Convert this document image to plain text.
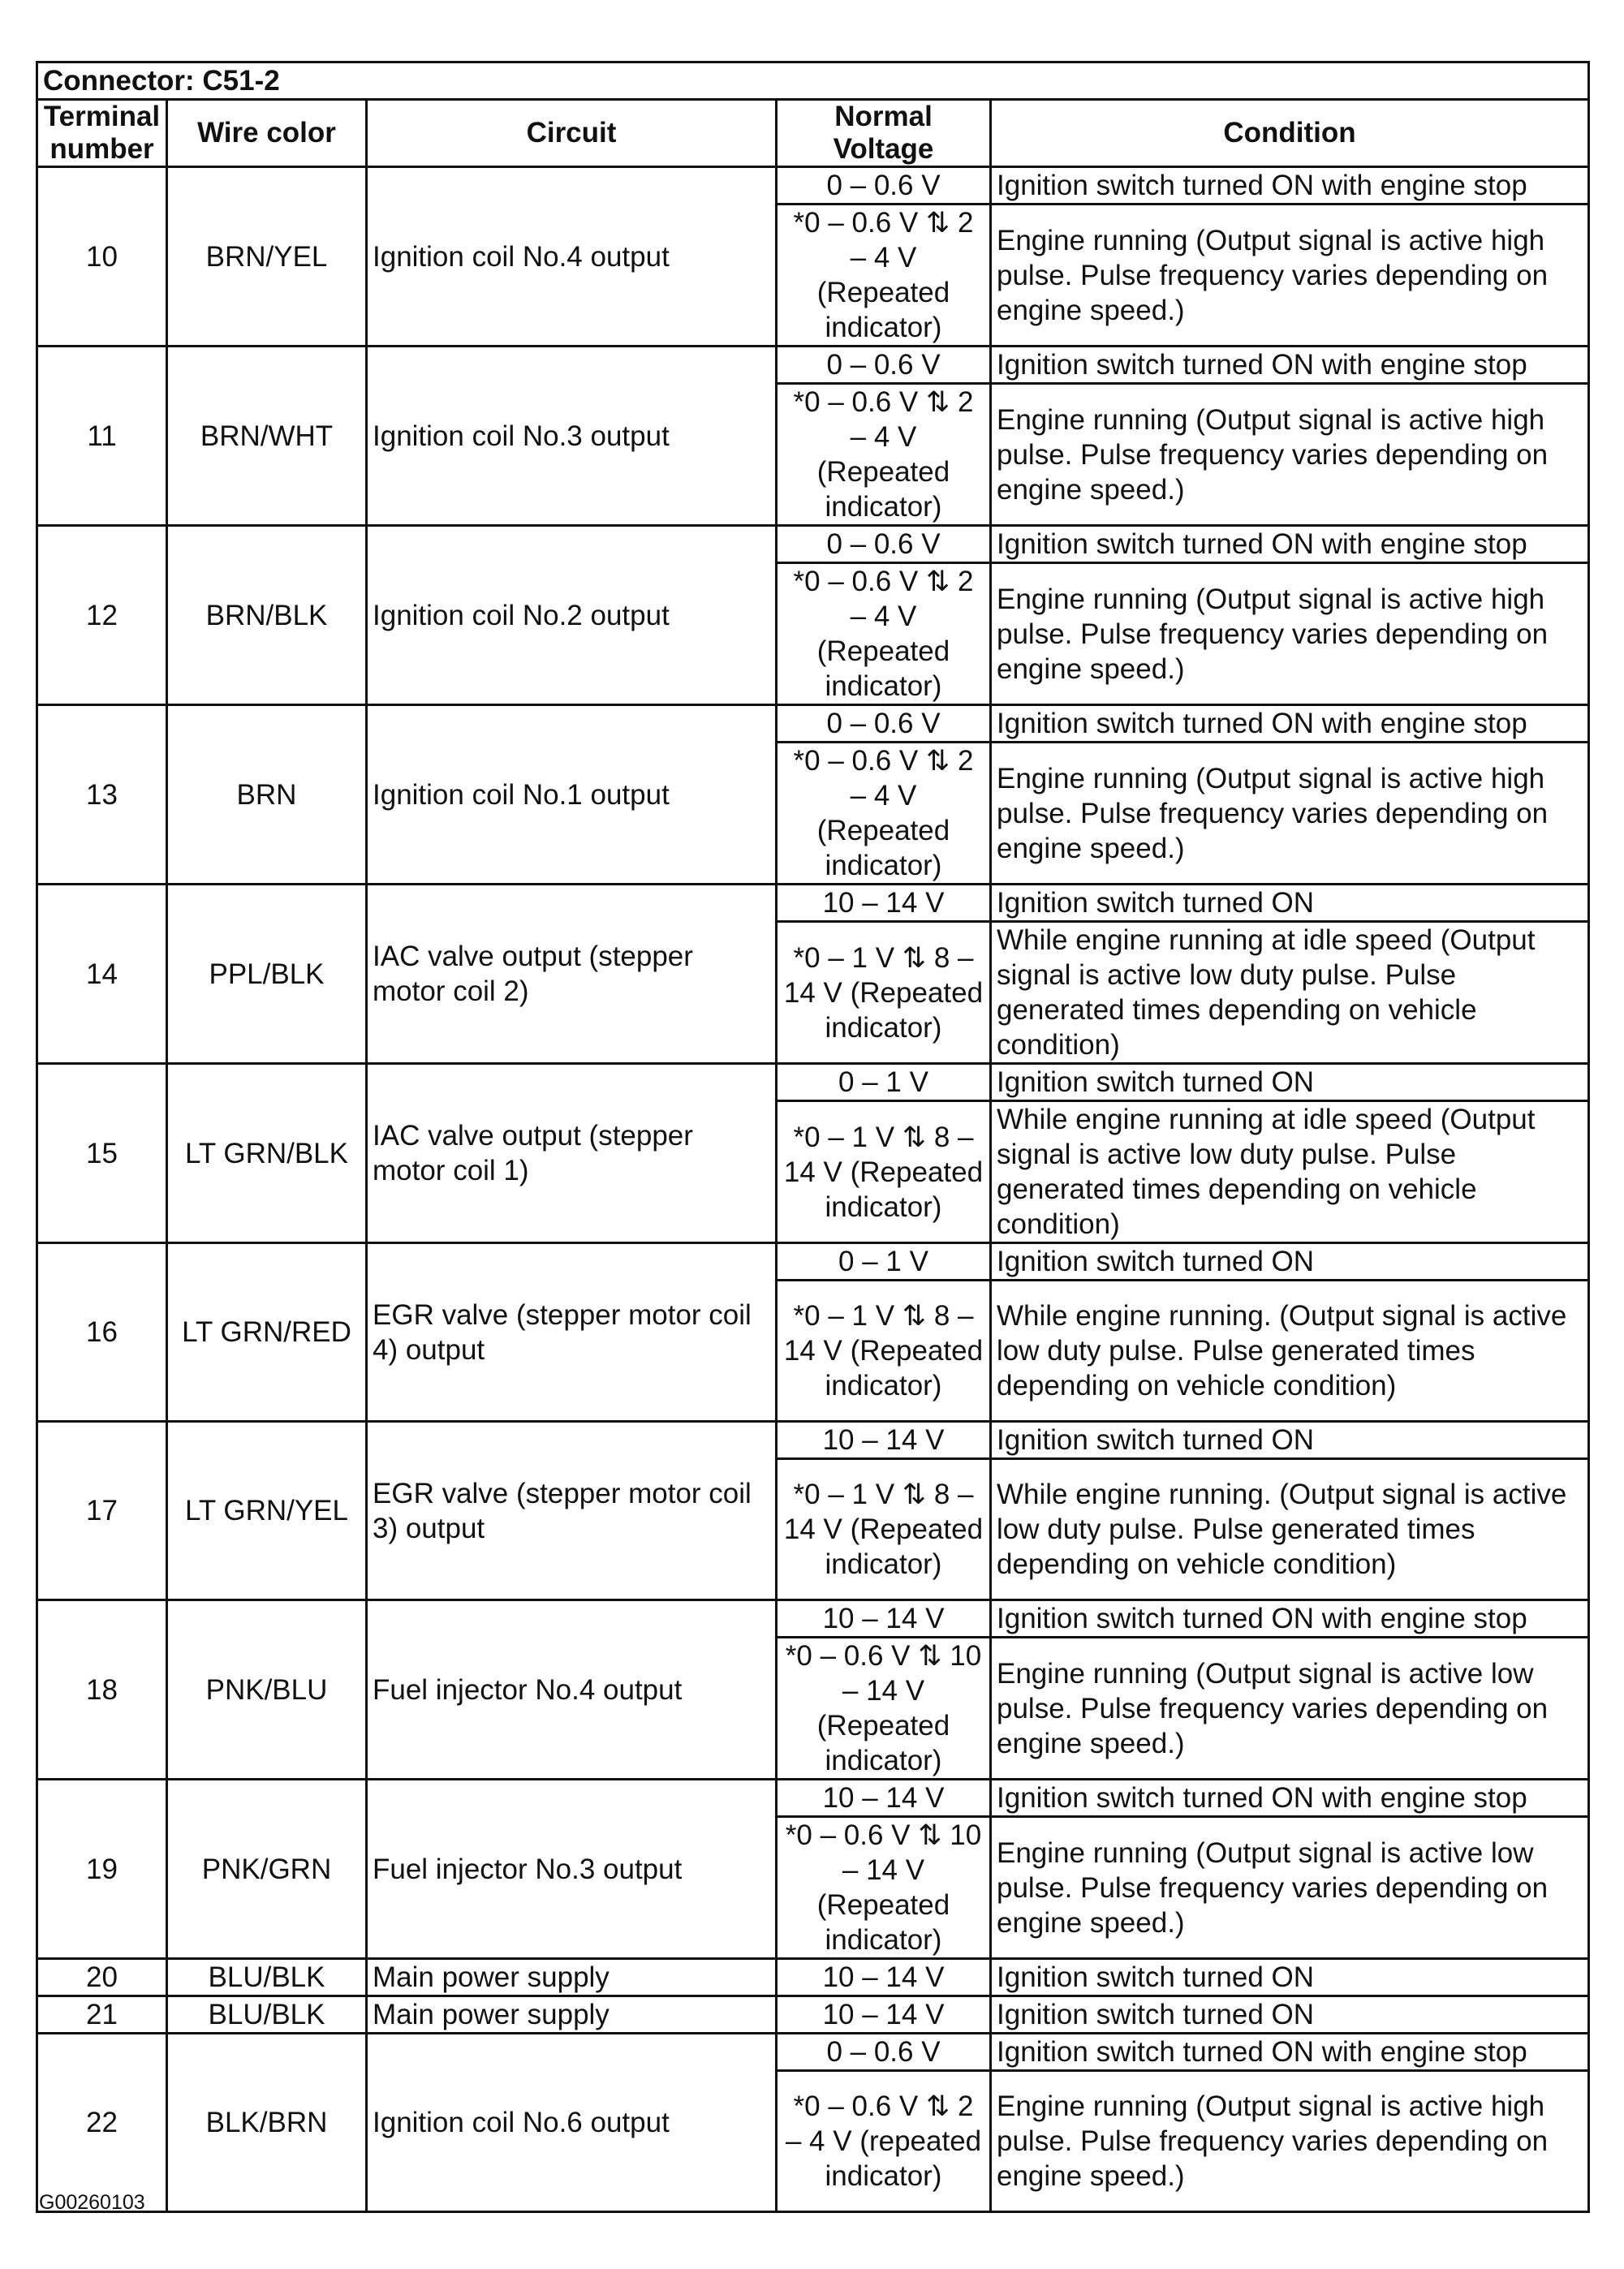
Connector: C51-2				
Terminal number	Wire color	Circuit	Normal Voltage	Condition
10	BRN/YEL	Ignition coil No.4 output	0 – 0.6 V	Ignition switch turned ON with engine stop
			*0 – 0.6 V ⇅ 2 – 4 V (Repeated indicator)	Engine running (Output signal is active high pulse. Pulse frequency varies depending on engine speed.)
11	BRN/WHT	Ignition coil No.3 output	0 – 0.6 V	Ignition switch turned ON with engine stop
			*0 – 0.6 V ⇅ 2 – 4 V (Repeated indicator)	Engine running (Output signal is active high pulse. Pulse frequency varies depending on engine speed.)
12	BRN/BLK	Ignition coil No.2 output	0 – 0.6 V	Ignition switch turned ON with engine stop
			*0 – 0.6 V ⇅ 2 – 4 V (Repeated indicator)	Engine running (Output signal is active high pulse. Pulse frequency varies depending on engine speed.)
13	BRN	Ignition coil No.1 output	0 – 0.6 V	Ignition switch turned ON with engine stop
			*0 – 0.6 V ⇅ 2 – 4 V (Repeated indicator)	Engine running (Output signal is active high pulse. Pulse frequency varies depending on engine speed.)
14	PPL/BLK	IAC valve output (stepper motor coil 2)	10 – 14 V	Ignition switch turned ON
			*0 – 1 V ⇅ 8 – 14 V (Repeated indicator)	While engine running at idle speed (Output signal is active low duty pulse. Pulse generated times depending on vehicle condition)
15	LT GRN/BLK	IAC valve output (stepper motor coil 1)	0 – 1 V	Ignition switch turned ON
			*0 – 1 V ⇅ 8 – 14 V (Repeated indicator)	While engine running at idle speed (Output signal is active low duty pulse. Pulse generated times depending on vehicle condition)
16	LT GRN/RED	EGR valve (stepper motor coil 4) output	0 – 1 V	Ignition switch turned ON
			*0 – 1 V ⇅ 8 – 14 V (Repeated indicator)	While engine running. (Output signal is active low duty pulse. Pulse generated times depending on vehicle condition)
17	LT GRN/YEL	EGR valve (stepper motor coil 3) output	10 – 14 V	Ignition switch turned ON
			*0 – 1 V ⇅ 8 – 14 V (Repeated indicator)	While engine running. (Output signal is active low duty pulse. Pulse generated times depending on vehicle condition)
18	PNK/BLU	Fuel injector No.4 output	10 – 14 V	Ignition switch turned ON with engine stop
			*0 – 0.6 V ⇅ 10 – 14 V (Repeated indicator)	Engine running (Output signal is active low pulse. Pulse frequency varies depending on engine speed.)
19	PNK/GRN	Fuel injector No.3 output	10 – 14 V	Ignition switch turned ON with engine stop
			*0 – 0.6 V ⇅ 10 – 14 V (Repeated indicator)	Engine running (Output signal is active low pulse. Pulse frequency varies depending on engine speed.)
20	BLU/BLK	Main power supply	10 – 14 V	Ignition switch turned ON
21	BLU/BLK	Main power supply	10 – 14 V	Ignition switch turned ON
22	BLK/BRN	Ignition coil No.6 output	0 – 0.6 V	Ignition switch turned ON with engine stop
			*0 – 0.6 V ⇅ 2 – 4 V (repeated indicator)	Engine running (Output signal is active high pulse. Pulse frequency varies depending on engine speed.)
G00260103
